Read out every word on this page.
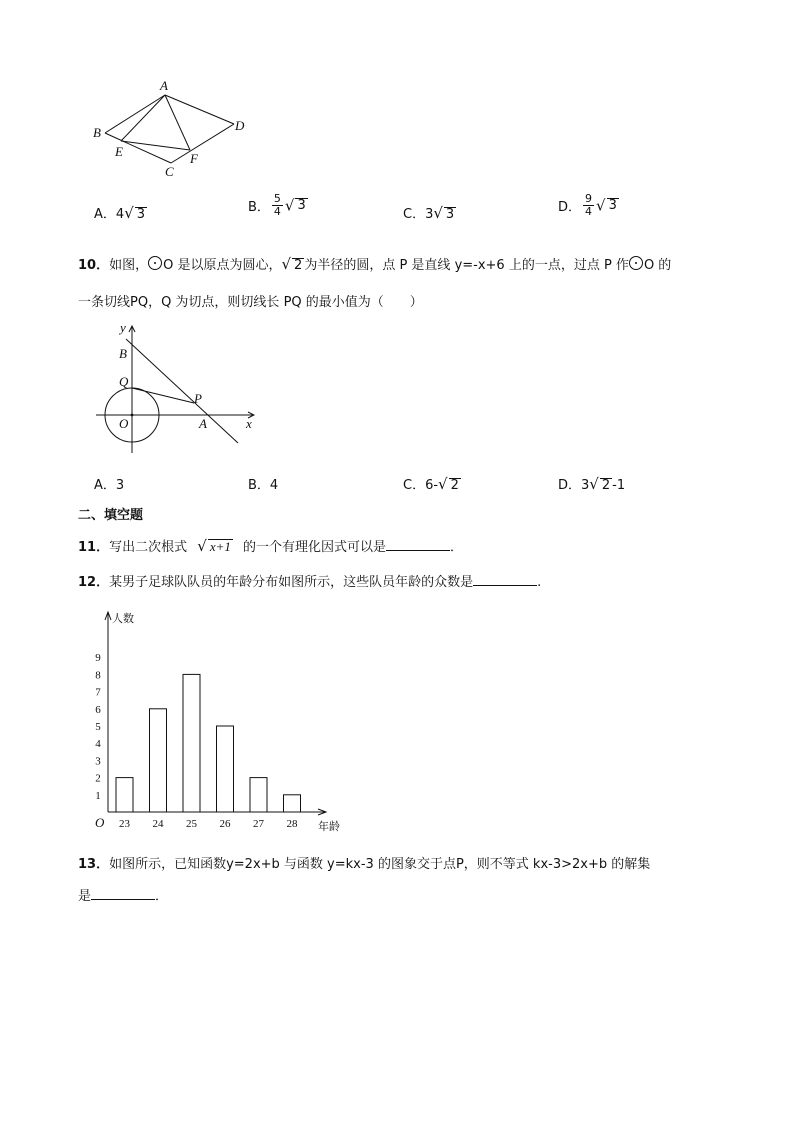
A
B
C
D
E	F
A．4√ 3	B． $\frac{5}{4}$ √ 3
C．3√ 3	D． $\frac{9}{4}$ √ 3
10．如图， O 是以原点为圆心，√ 2 为半径的圆，点 P 是直线 y=-x+6 上的一点，过点 P 作 O 的
一条切线PQ，Q 为切点，则切线长 PQ 的最小值为（　　）
y
x
B
Q
P
O	A
A．3	B．4	C．6-√ 2	D．3√ 2 -1
二、填空题
11．写出二次根式 √ x+1 的一个有理化因式可以是	．
12．某男子足球队队员的年龄分布如图所示，这些队员年龄的众数是	.
人数
年龄
O
1
2
3
4
5
6
7
8
9
23 24 25 26 27 28
13．如图所示，已知函数y=2x+b 与函数 y=kx-3 的图象交于点P，则不等式 kx-3>2x+b 的解集
是	．
